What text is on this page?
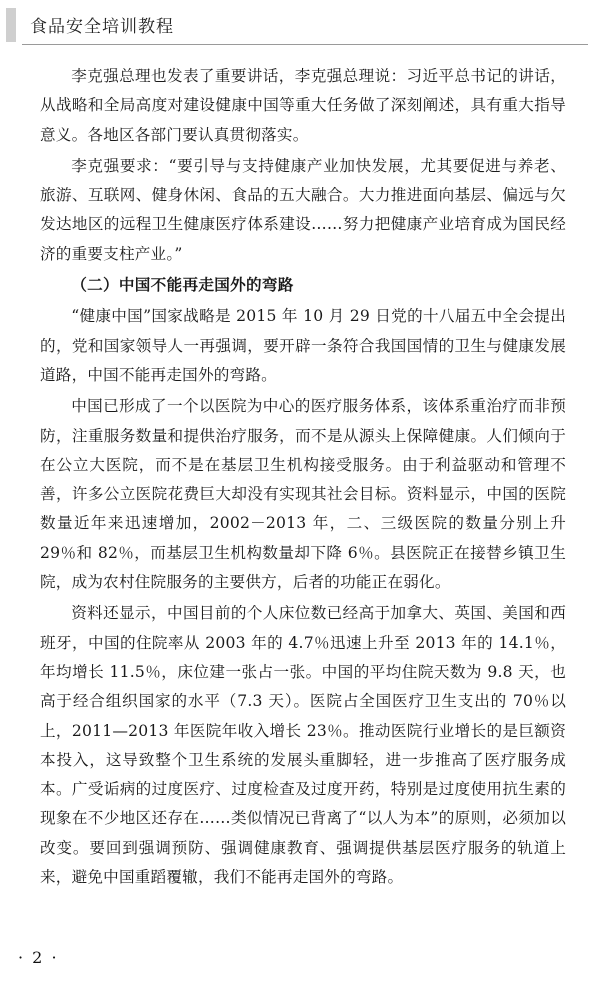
食品安全培训教程

李克强总理也发表了重要讲话，李克强总理说：习近平总书记的讲话，从战略和全局高度对建设健康中国等重大任务做了深刻阐述，具有重大指导意义。各地区各部门要认真贯彻落实。

李克强要求：“要引导与支持健康产业加快发展，尤其要促进与养老、旅游、互联网、健身休闲、食品的五大融合。大力推进面向基层、偏远与欠发达地区的远程卫生健康医疗体系建设……努力把健康产业培育成为国民经济的重要支柱产业。”

（二）中国不能再走国外的弯路

“健康中国”国家战略是 2015 年 10 月 29 日党的十八届五中全会提出的，党和国家领导人一再强调，要开辟一条符合我国国情的卫生与健康发展道路，中国不能再走国外的弯路。

中国已形成了一个以医院为中心的医疗服务体系，该体系重治疗而非预防，注重服务数量和提供治疗服务，而不是从源头上保障健康。人们倾向于在公立大医院，而不是在基层卫生机构接受服务。由于利益驱动和管理不善，许多公立医院花费巨大却没有实现其社会目标。资料显示，中国的医院数量近年来迅速增加，2002－2013 年，二、三级医院的数量分别上升 29％和 82％，而基层卫生机构数量却下降 6％。县医院正在接替乡镇卫生院，成为农村住院服务的主要供方，后者的功能正在弱化。

资料还显示，中国目前的个人床位数已经高于加拿大、英国、美国和西班牙，中国的住院率从 2003 年的 4.7％迅速上升至 2013 年的 14.1％，年均增长 11.5％，床位建一张占一张。中国的平均住院天数为 9.8 天，也高于经合组织国家的水平（7.3 天）。医院占全国医疗卫生支出的 70％以上，2011—2013 年医院年收入增长 23％。推动医院行业增长的是巨额资本投入，这导致整个卫生系统的发展头重脚轻，进一步推高了医疗服务成本。广受诟病的过度医疗、过度检查及过度开药，特别是过度使用抗生素的现象在不少地区还存在……类似情况已背离了“以人为本”的原则，必须加以改变。要回到强调预防、强调健康教育、强调提供基层医疗服务的轨道上来，避免中国重蹈覆辙，我们不能再走国外的弯路。

· 2 ·
